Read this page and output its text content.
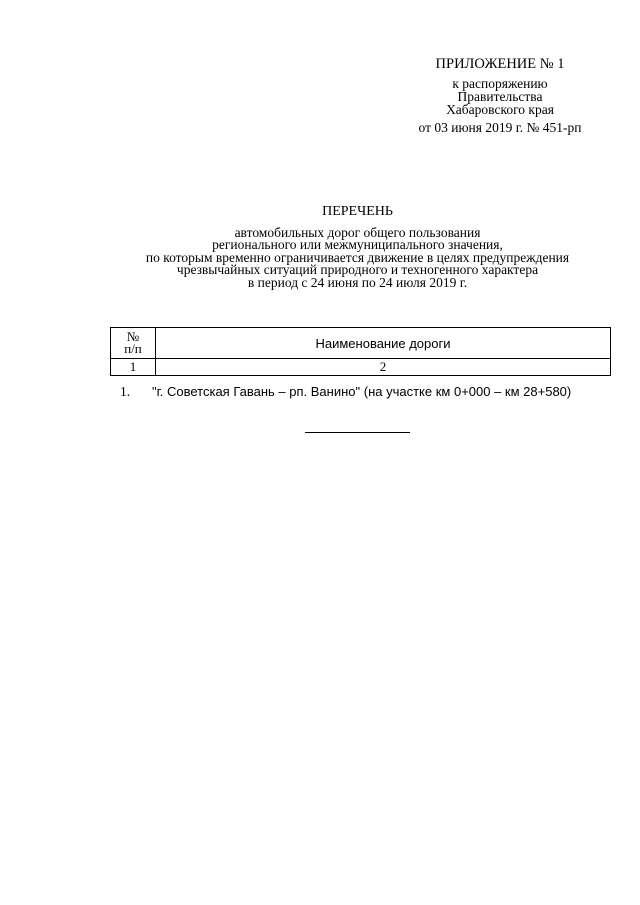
ПРИЛОЖЕНИЕ № 1
к распоряжению
Правительства
Хабаровского края
от 03 июня 2019 г. № 451-рп
ПЕРЕЧЕНЬ
автомобильных дорог общего пользования
регионального или межмуниципального значения,
по которым временно ограничивается движение в целях предупреждения
чрезвычайных ситуаций природного и техногенного характера
в период с 24 июня по 24 июля 2019 г.
№
п/п	Наименование дороги
1	2
1. "г. Советская Гавань – рп. Ванино" (на участке км 0+000 – км 28+580)
